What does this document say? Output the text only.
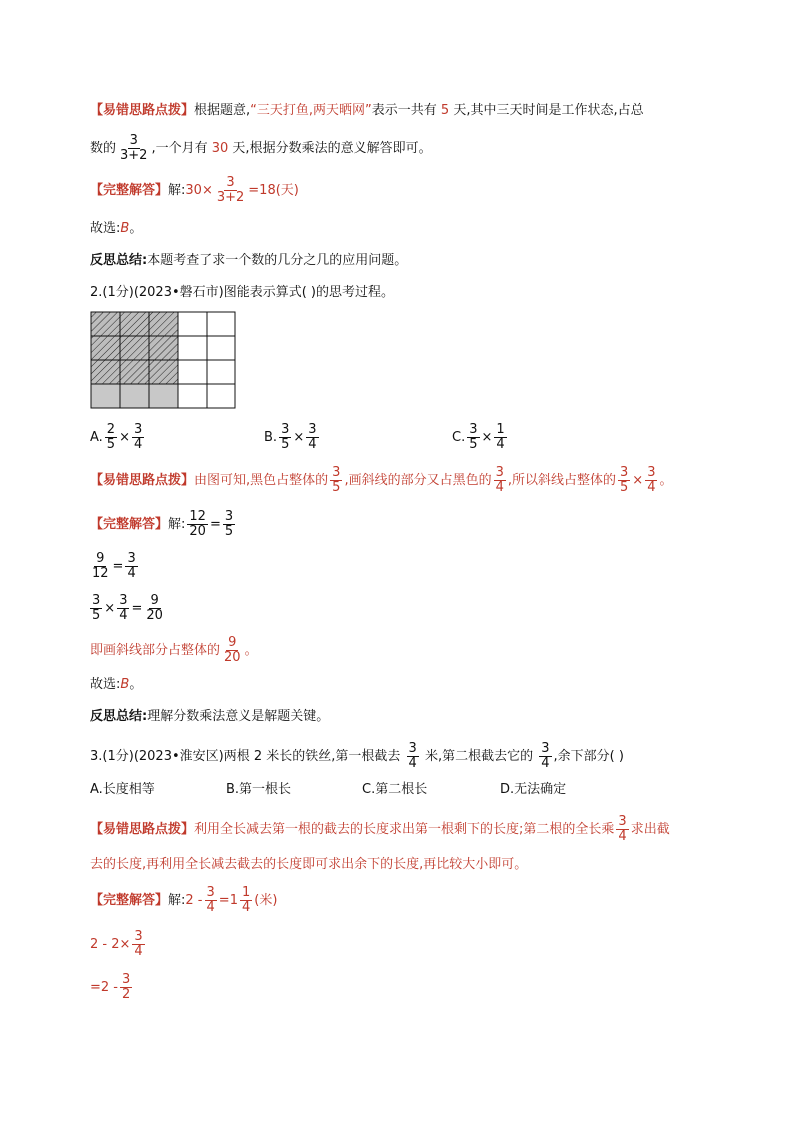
【易错思路点拨】根据题意,“三天打鱼,两天晒网”表示一共有 5 天,其中三天时间是工作状态,占总
数的 $\frac{3}{3+2}$ ,一个月有 30 天,根据分数乘法的意义解答即可。
【完整解答】解:30× $\frac{3}{3+2} =18$(天)
故选:B。
反思总结:本题考查了求一个数的几分之几的应用问题。
2.(1分)(2023•磐石市)图能表示算式( )的思考过程。
A. $\frac{2}{5} \times \frac{3}{4}$	B. $\frac{3}{5} \times \frac{3}{4}$	C. $\frac{3}{5} \times \frac{1}{4}$
【易错思路点拨】由图可知,黑色占整体的 $\frac{3}{5}$ ,画斜线的部分又占黑色的 $\frac{3}{4}$ ,所以斜线占整体的 $\frac{3}{5} \times \frac{3}{4}$ 。
【完整解答】解: $\frac{12}{20} = \frac{3}{5}$
$\frac{9}{12} = \frac{3}{4}$
$\frac{3}{5} \times \frac{3}{4} = \frac{9}{20}$
即画斜线部分占整体的 $\frac{9}{20}$ 。
故选:B。
反思总结:理解分数乘法意义是解题关键。
3.(1分)(2023•淮安区)两根 2 米长的铁丝,第一根截去 $\frac{3}{4}$ 米,第二根截去它的 $\frac{3}{4}$ ,余下部分( )
A.长度相等	B.第一根长	C.第二根长	D.无法确定
【易错思路点拨】利用全长减去第一根的截去的长度求出第一根剩下的长度;第二根的全长乘 $\frac{3}{4}$ 求出截
去的长度,再利用全长减去截去的长度即可求出余下的长度,再比较大小即可。
【完整解答】解:2 - $\frac{3}{4} =1 \frac{1}{4}$ (米)
$2 - 2\times \frac{3}{4}$
$=2 - \frac{3}{2}$
